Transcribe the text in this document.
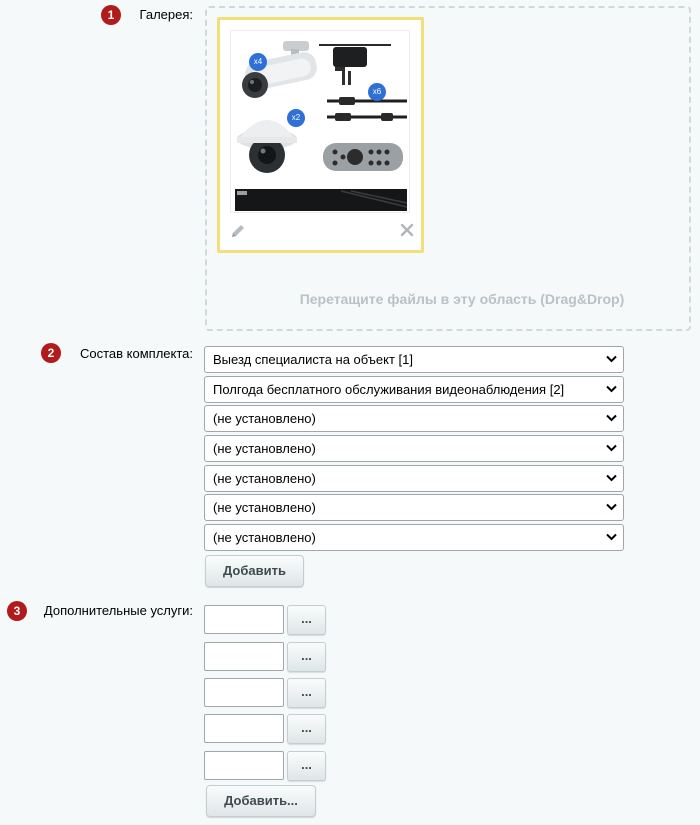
1	Галерея:
Перетащите файлы в эту область (Drag&Drop)
x4
x6
x2
2	Состав комплекта:	Выезд специалиста на объект [1]
Полгода бесплатного обслуживания видеонаблюдения [2]
(не установлено)
(не установлено)
(не установлено)
(не установлено)
(не установлено)
Добавить
3	Дополнительные услуги:
...
...
...
...
...
Добавить...
